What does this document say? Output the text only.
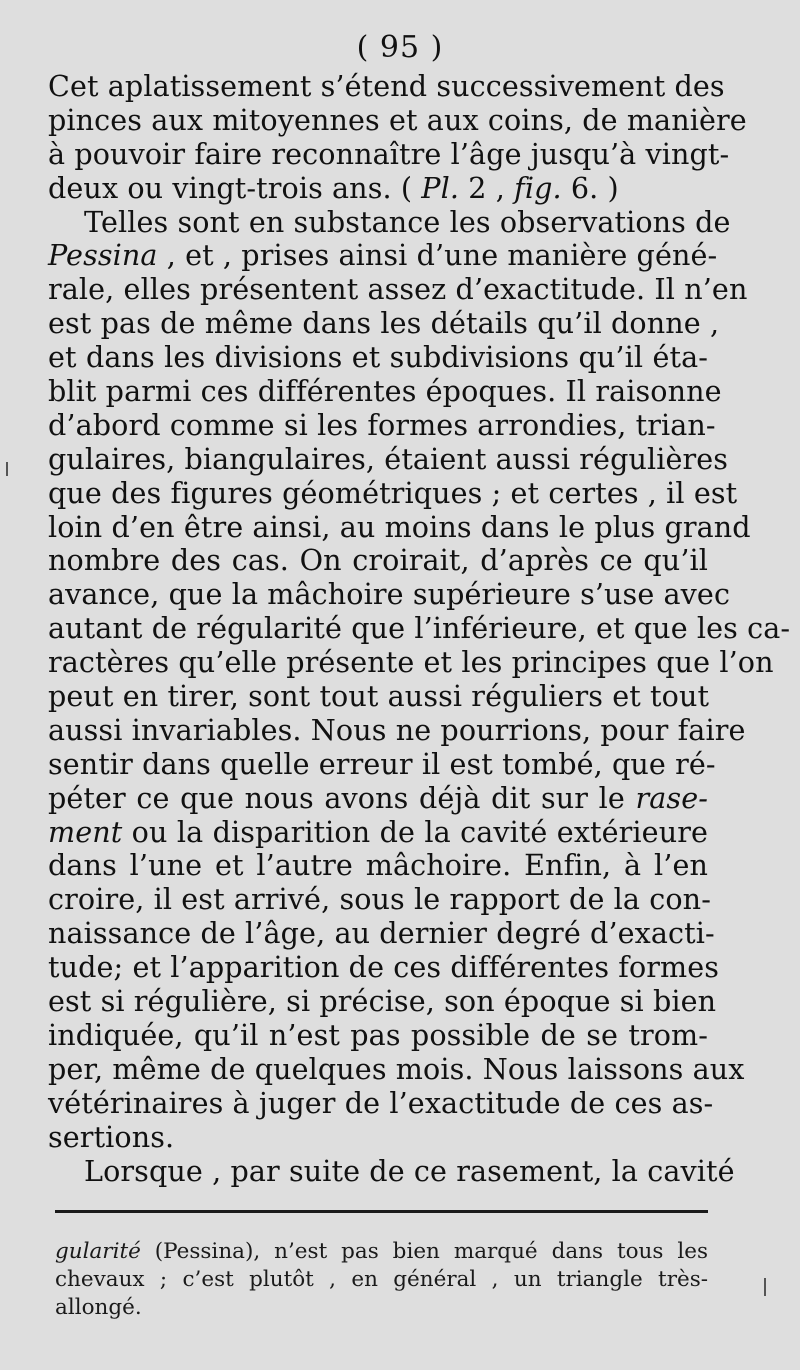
( 95 )
Cet aplatissement s’étend successivement des
pinces aux mitoyennes et aux coins, de manière
à pouvoir faire reconnaître l’âge jusqu’à vingt-
deux ou vingt-trois ans. ( Pl. 2 , fig. 6. )
Telles sont en substance les observations de
Pessina , et , prises ainsi d’une manière géné-
rale, elles présentent assez d’exactitude. Il n’en
est pas de même dans les détails qu’il donne ,
et dans les divisions et subdivisions qu’il éta-
blit parmi ces différentes époques. Il raisonne
d’abord comme si les formes arrondies, trian-
gulaires, biangulaires, étaient aussi régulières
que des figures géométriques ; et certes , il est
loin d’en être ainsi, au moins dans le plus grand
nombre des cas. On croirait, d’après ce qu’il
avance, que la mâchoire supérieure s’use avec
autant de régularité que l’inférieure, et que les ca-
ractères qu’elle présente et les principes que l’on
peut en tirer, sont tout aussi réguliers et tout
aussi invariables. Nous ne pourrions, pour faire
sentir dans quelle erreur il est tombé, que ré-
péter ce que nous avons déjà dit sur le rase-
ment ou la disparition de la cavité extérieure
dans l’une et l’autre mâchoire. Enfin, à l’en
croire, il est arrivé, sous le rapport de la con-
naissance de l’âge, au dernier degré d’exacti-
tude; et l’apparition de ces différentes formes
est si régulière, si précise, son époque si bien
indiquée, qu’il n’est pas possible de se trom-
per, même de quelques mois. Nous laissons aux
vétérinaires à juger de l’exactitude de ces as-
sertions.
Lorsque , par suite de ce rasement, la cavité
gularité (Pessina), n’est pas bien marqué dans tous les
chevaux ; c’est plutôt , en général , un triangle très-
allongé.
